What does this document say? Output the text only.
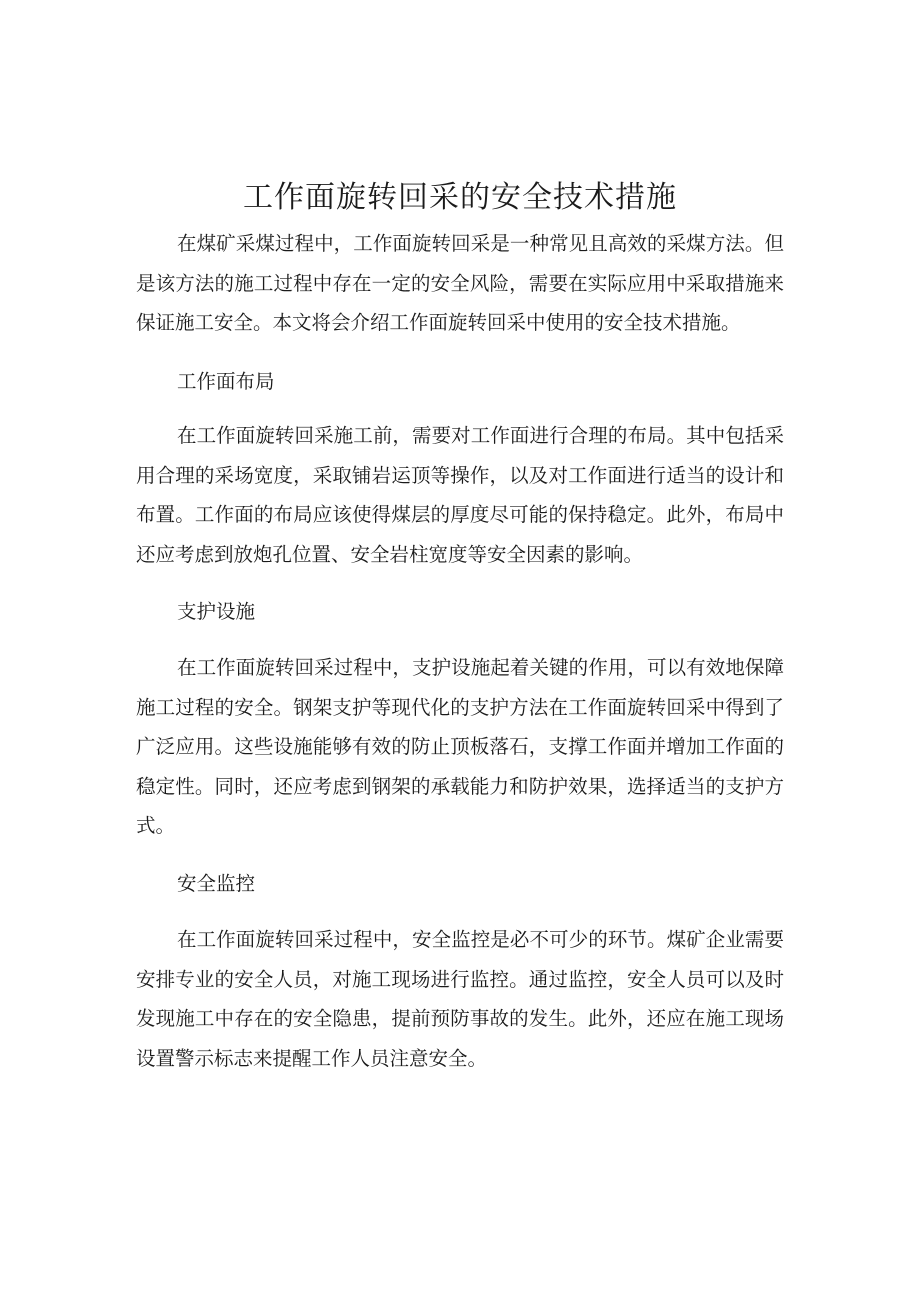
工作面旋转回采的安全技术措施

在煤矿采煤过程中，工作面旋转回采是一种常见且高效的采煤方法。但是该方法的施工过程中存在一定的安全风险，需要在实际应用中采取措施来保证施工安全。本文将会介绍工作面旋转回采中使用的安全技术措施。

工作面布局

在工作面旋转回采施工前，需要对工作面进行合理的布局。其中包括采用合理的采场宽度，采取铺岩运顶等操作，以及对工作面进行适当的设计和布置。工作面的布局应该使得煤层的厚度尽可能的保持稳定。此外，布局中还应考虑到放炮孔位置、安全岩柱宽度等安全因素的影响。

支护设施

在工作面旋转回采过程中，支护设施起着关键的作用，可以有效地保障施工过程的安全。钢架支护等现代化的支护方法在工作面旋转回采中得到了广泛应用。这些设施能够有效的防止顶板落石，支撑工作面并增加工作面的稳定性。同时，还应考虑到钢架的承载能力和防护效果，选择适当的支护方式。

安全监控

在工作面旋转回采过程中，安全监控是必不可少的环节。煤矿企业需要安排专业的安全人员，对施工现场进行监控。通过监控，安全人员可以及时发现施工中存在的安全隐患，提前预防事故的发生。此外，还应在施工现场设置警示标志来提醒工作人员注意安全。
